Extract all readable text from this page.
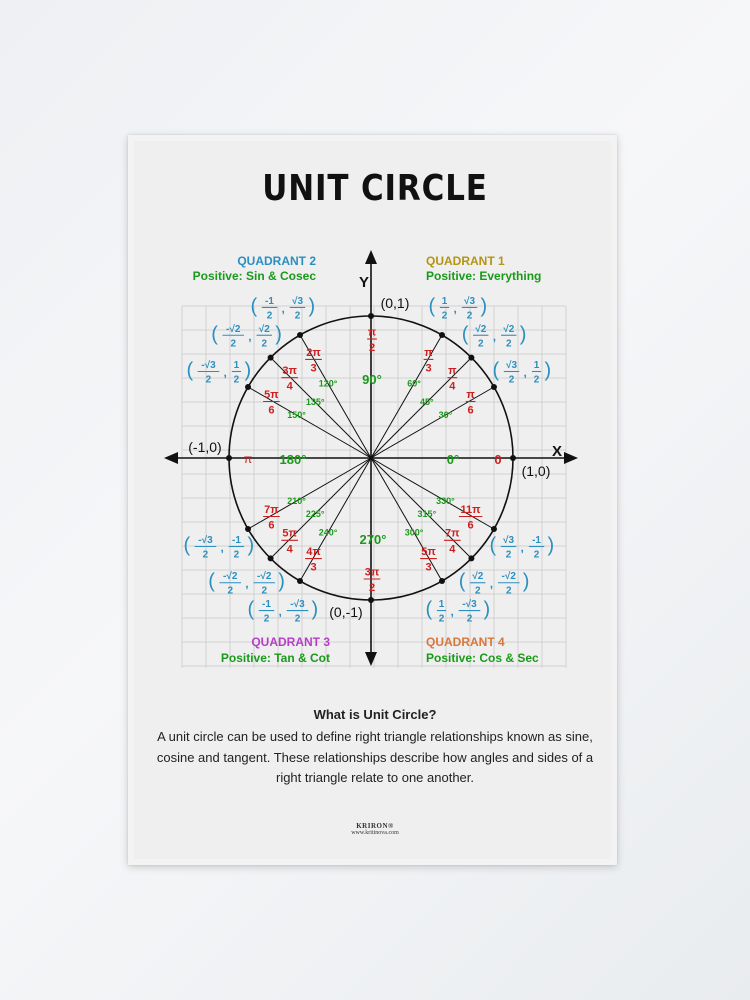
UNIT CIRCLE
X
Y
30°
π
6
( √3
2
, 1
2 )
45°
π
4
( √2
2
, √2
2 )
60°
π
3
( 1
2
, √3
2 )
120°
2π
3
( -1
2
, √3
2 )
135°
3π
4
( -√2
2
, √2
2 )
150°
5π
6
( -√3
2
, 1
2 )
210°
7π
6
( -√3
2
, -1
2 )
225°
5π
4
( -√2
2
, -√2
2 )
240°
4π
3
( -1
2
, -√3
2 )
300°
5π
3
( 1
2
, -√3
2 )
315°
7π
4
( √2
2
, -√2
2 )
330°
11π
6
( √3
2
, -1
2 )
0°	0
(1,0)
180°
π
(-1,0)
90°
π
2
(0,1)
270°
3π
2
(0,-1)
QUADRANT 1
Positive: Everything
QUADRANT 2
Positive: Sin & Cosec
QUADRANT 3
Positive: Tan & Cot
QUADRANT 4
Positive: Cos & Sec
What is Unit Circle?
A unit circle can be used to define right triangle relationships known as sine, cosine and tangent. These relationships describe how angles and sides of a right triangle relate to one another.
KRIRON®
www.kritinova.com
